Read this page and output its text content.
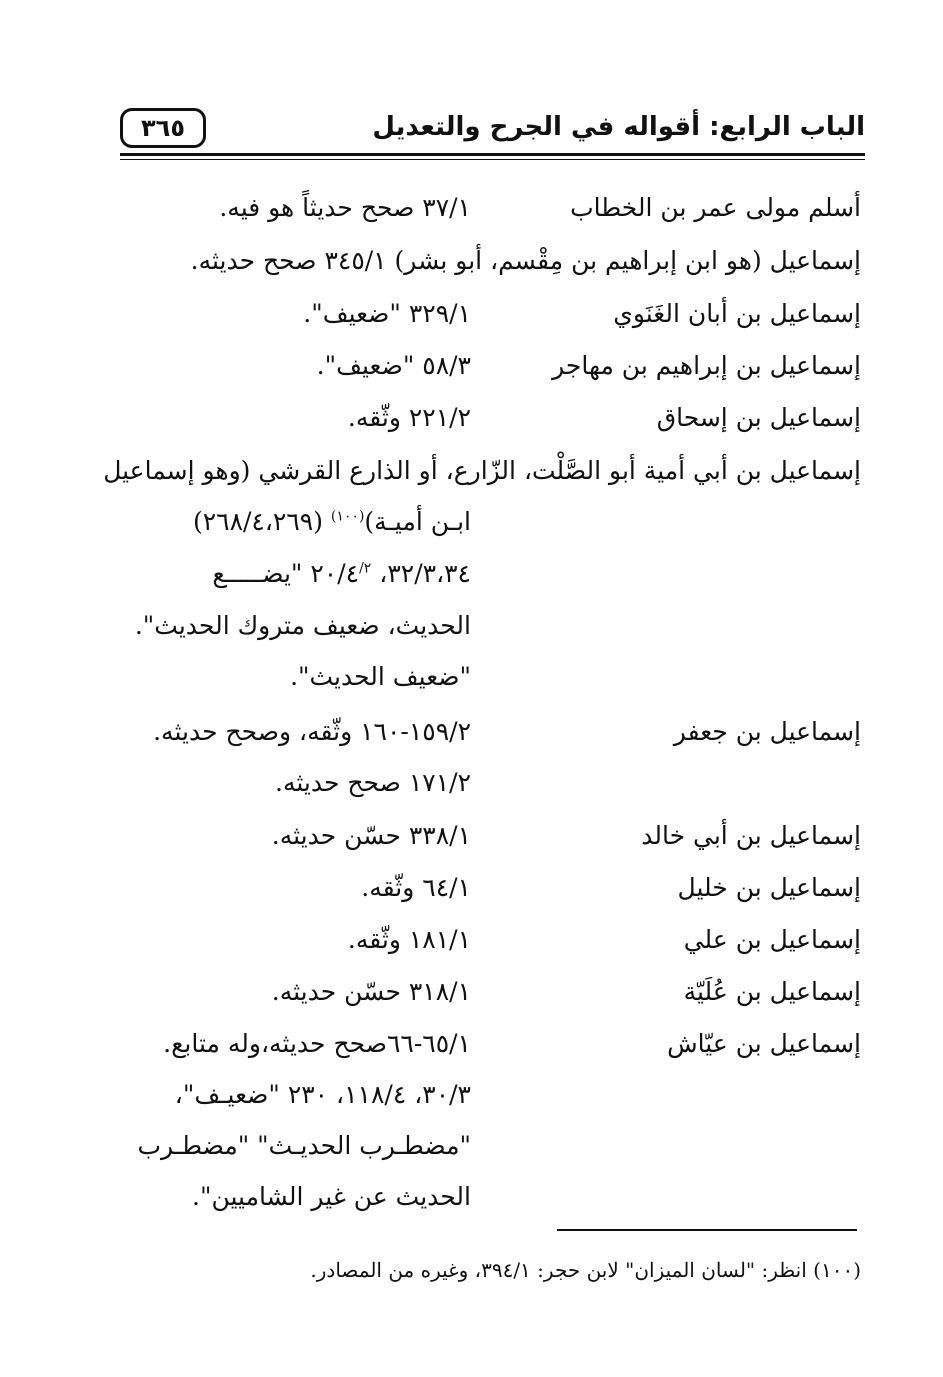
الباب الرابع: أقواله في الجرح والتعديل
٣٦٥
أسلم مولى عمر بن الخطاب
٣٧/١ صحح حديثاً هو فيه.
إسماعيل (هو ابن إبراهيم بن مِقْسم، أبو بشر) ٣٤٥/١ صحح حديثه.
إسماعيل بن أبان الغَنَوي
٣٢٩/١ "ضعيف".
إسماعيل بن إبراهيم بن مهاجر
٥٨/٣ "ضعيف".
إسماعيل بن إسحاق
٢٢١/٢ وثّقه.
إسماعيل بن أبي أمية أبو الصَّلْت، الزّارع، أو الذارع القرشي (وهو إسماعيل
ابـن أميـة)$^{(١٠٠)}$ (٢٦٨/٤،٢٦٩)
٣٢/٣،٣٤، $٢٠/٤^{/٢}$ "يضـــــع
الحديث، ضعيف متروك الحديث".
"ضعيف الحديث".
إسماعيل بن جعفر
١٥٩/٢-١٦٠ وثّقه، وصحح حديثه.
١٧١/٢ صحح حديثه.
إسماعيل بن أبي خالد
٣٣٨/١ حسّن حديثه.
إسماعيل بن خليل
٦٤/١ وثّقه.
إسماعيل بن علي
١٨١/١ وثّقه.
إسماعيل بن عُلَيّة
٣١٨/١ حسّن حديثه.
إسماعيل بن عيّاش
٦٥/١-٦٦صحح حديثه،وله متابع.
٣٠/٣، ١١٨/٤، ٢٣٠ "ضعيـف"،
"مضطـرب الحديـث" "مضطـرب
الحديث عن غير الشاميين".
(١٠٠) انظر: "لسان الميزان" لابن حجر: ٣٩٤/١، وغيره من المصادر.
